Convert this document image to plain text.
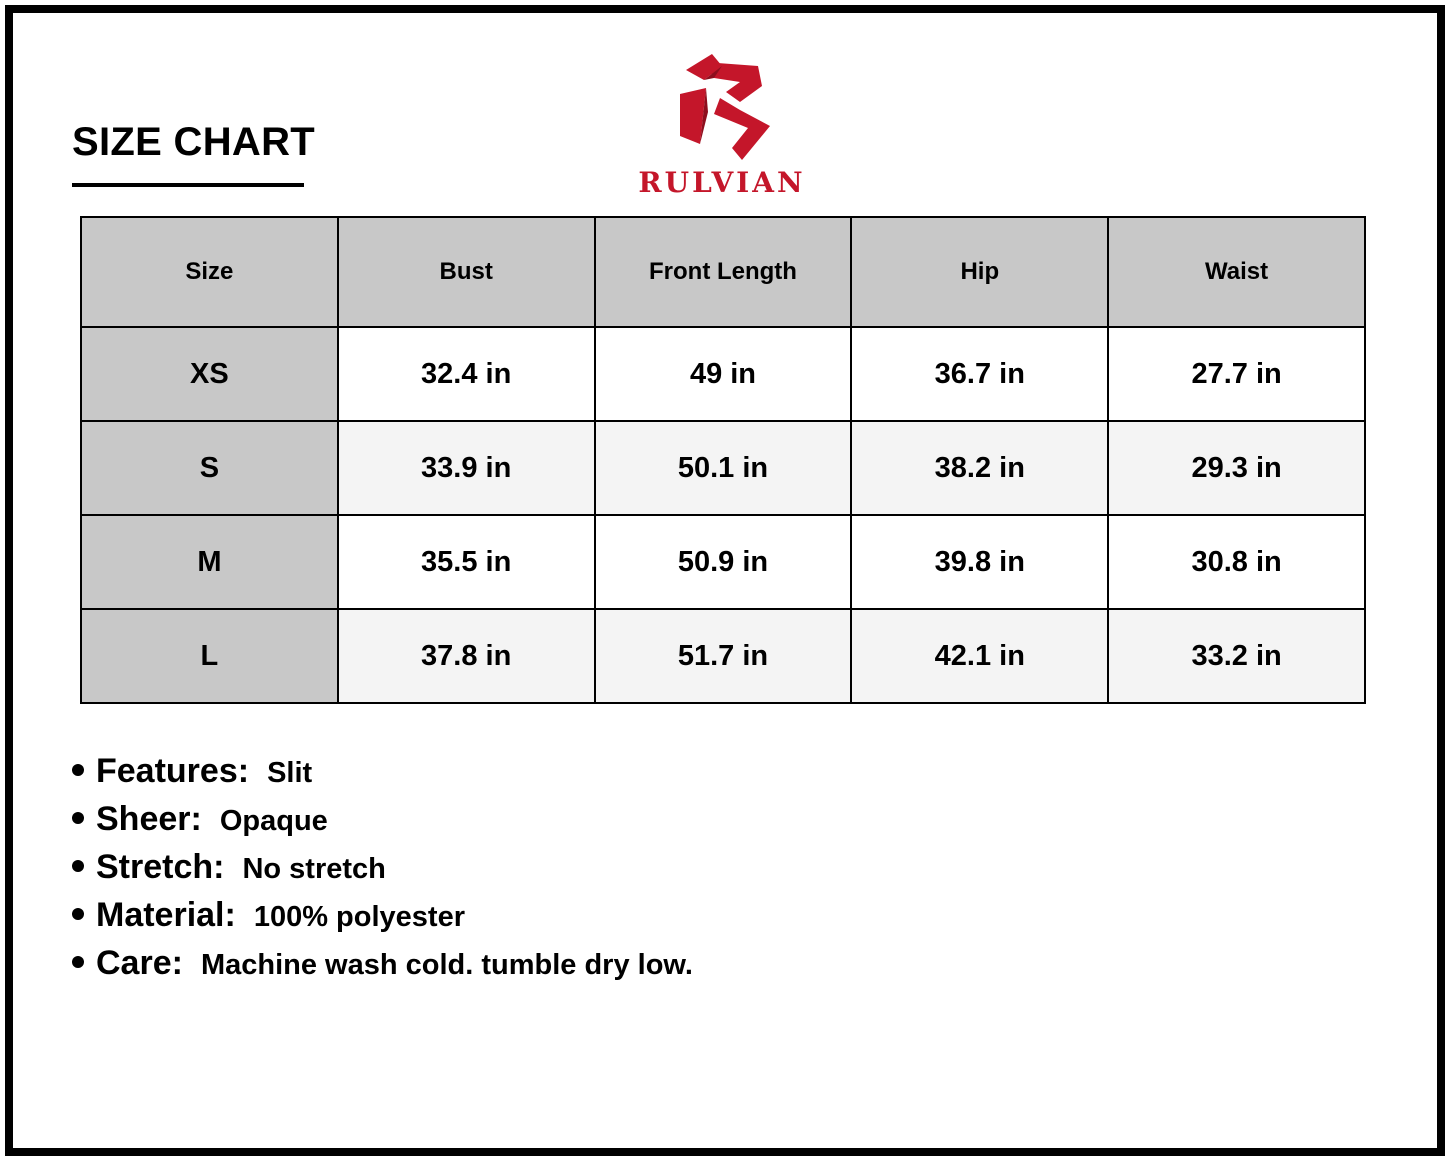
SIZE CHART
RULVIAN
Size	Bust	Front Length	Hip	Waist
XS	32.4 in	49 in	36.7 in	27.7 in
S	33.9 in	50.1 in	38.2 in	29.3 in
M	35.5 in	50.9 in	39.8 in	30.8 in
L	37.8 in	51.7 in	42.1 in	33.2 in
Features: Slit
Sheer: Opaque
Stretch: No stretch
Material: 100% polyester
Care: Machine wash cold. tumble dry low.
